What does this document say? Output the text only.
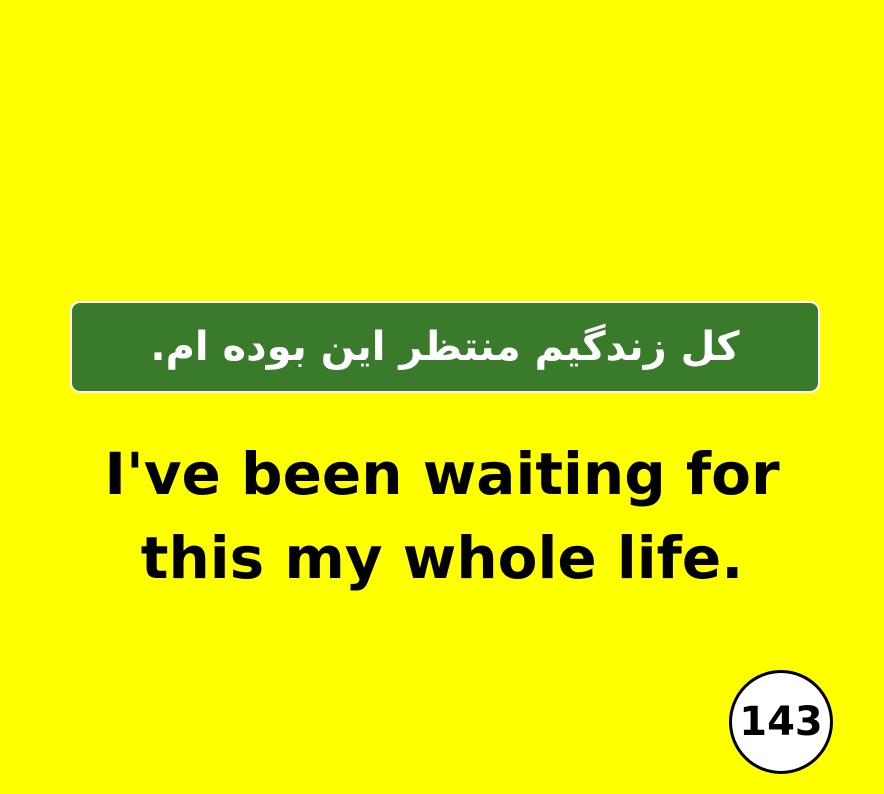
کل زندگیم منتظر این بوده ام.
I've been waiting for
this my whole life.
143
